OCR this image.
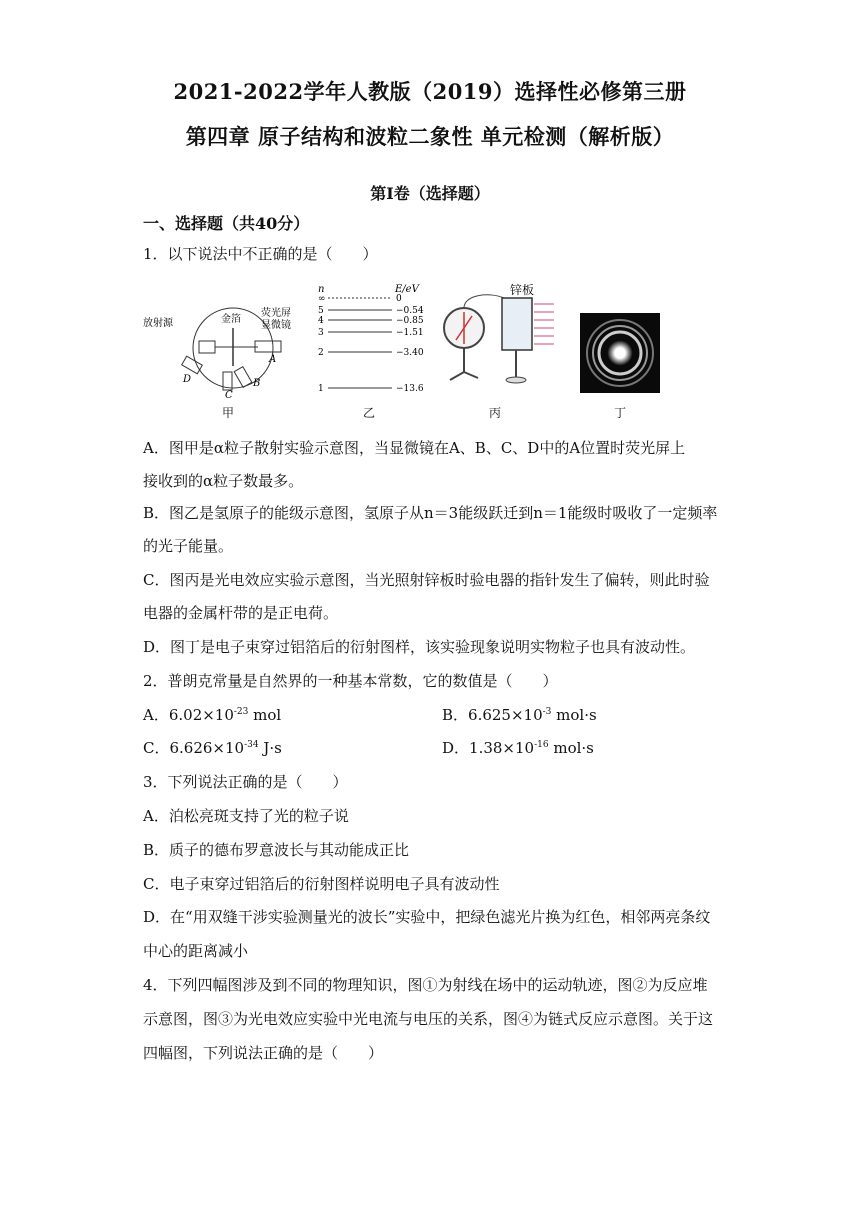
2021-2022学年人教版（2019）选择性必修第三册
第四章 原子结构和波粒二象性 单元检测（解析版）
第Ⅰ卷（选择题）
一、选择题（共40分）
1．以下说法中不正确的是（　　）
放射源	金箔
荧光屏
显微镜
A
B
C
D
甲
n	E/eV
∞	0
5	−0.54
4	−0.85
3	−1.51
2	−3.40
1	−13.6
乙
锌板
丙	丁
A．图甲是α粒子散射实验示意图，当显微镜在A、B、C、D中的A位置时荧光屏上
接收到的α粒子数最多。
B．图乙是氢原子的能级示意图，氢原子从n＝3能级跃迁到n＝1能级时吸收了一定频率
的光子能量。
C．图丙是光电效应实验示意图，当光照射锌板时验电器的指针发生了偏转，则此时验
电器的金属杆带的是正电荷。
D．图丁是电子束穿过铝箔后的衍射图样，该实验现象说明实物粒子也具有波动性。
2．普朗克常量是自然界的一种基本常数，它的数值是（　　）
A．$6.02\times 10^{-23}$ mol	B．$6.625\times 10^{-3}$ mol·s
C．$6.626\times 10^{-34}$ J·s	D．$1.38\times 10^{-16}$ mol·s
3．下列说法正确的是（　　）
A．泊松亮斑支持了光的粒子说
B．质子的德布罗意波长与其动能成正比
C．电子束穿过铝箔后的衍射图样说明电子具有波动性
D．在“用双缝干涉实验测量光的波长”实验中，把绿色滤光片换为红色，相邻两亮条纹
中心的距离减小
4．下列四幅图涉及到不同的物理知识，图①为射线在场中的运动轨迹，图②为反应堆
示意图，图③为光电效应实验中光电流与电压的关系，图④为链式反应示意图。关于这
四幅图，下列说法正确的是（　　）
